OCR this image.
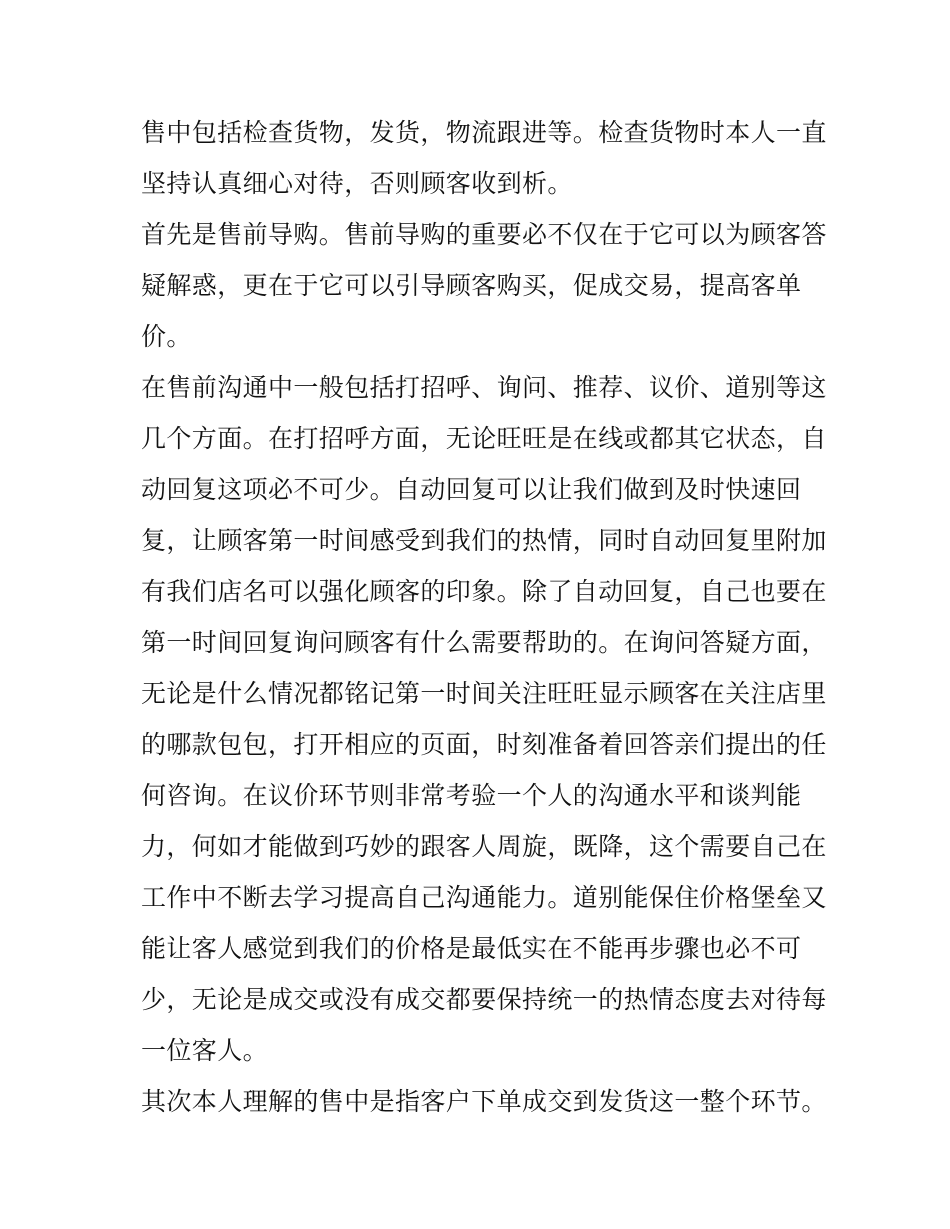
售中包括检查货物，发货，物流跟进等。检查货物时本人一直
坚持认真细心对待，否则顾客收到析。
首先是售前导购。售前导购的重要必不仅在于它可以为顾客答
疑解惑，更在于它可以引导顾客购买，促成交易，提高客单
价。
在售前沟通中一般包括打招呼、询问、推荐、议价、道别等这
几个方面。在打招呼方面，无论旺旺是在线或都其它状态，自
动回复这项必不可少。自动回复可以让我们做到及时快速回
复，让顾客第一时间感受到我们的热情，同时自动回复里附加
有我们店名可以强化顾客的印象。除了自动回复，自己也要在
第一时间回复询问顾客有什么需要帮助的。在询问答疑方面，
无论是什么情况都铭记第一时间关注旺旺显示顾客在关注店里
的哪款包包，打开相应的页面，时刻准备着回答亲们提出的任
何咨询。在议价环节则非常考验一个人的沟通水平和谈判能
力，何如才能做到巧妙的跟客人周旋，既降，这个需要自己在
工作中不断去学习提高自己沟通能力。道别能保住价格堡垒又
能让客人感觉到我们的价格是最低实在不能再步骤也必不可
少，无论是成交或没有成交都要保持统一的热情态度去对待每
一位客人。
其次本人理解的售中是指客户下单成交到发货这一整个环节。
